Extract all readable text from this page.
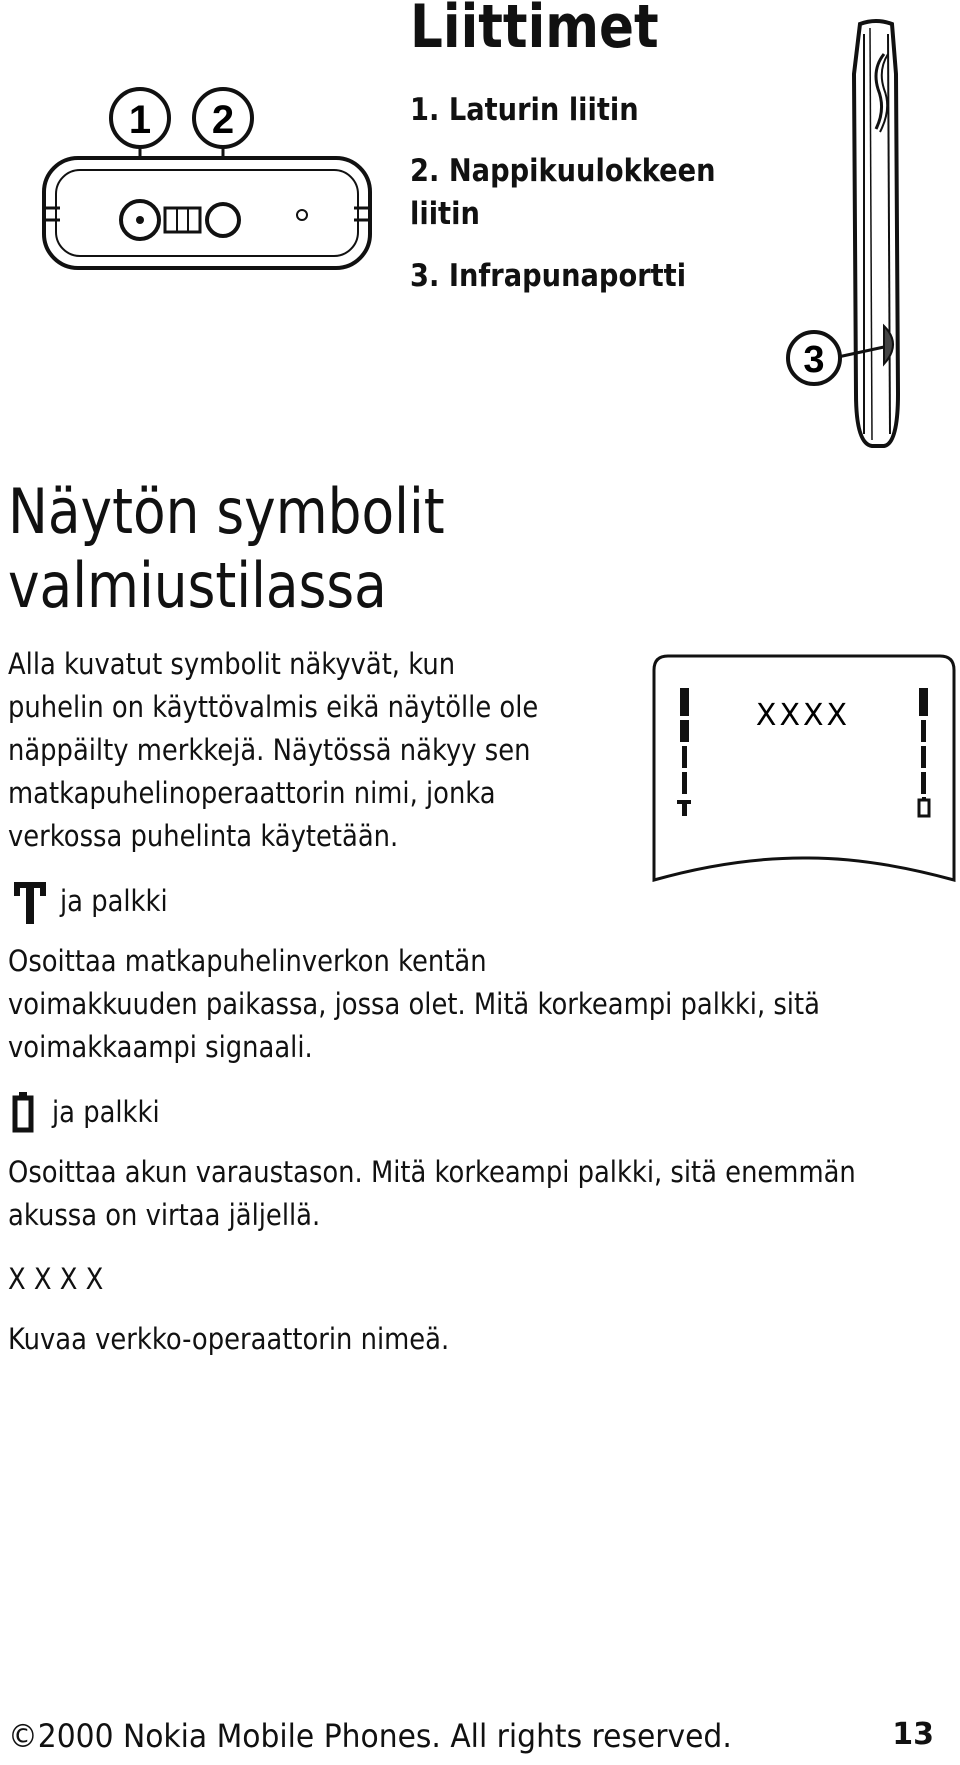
1 2
Liittimet
1. Laturin liitin
2. Nappikuulokkeen
liitin
3. Infrapunaportti
3
Näytön symbolit
valmiustilassa
Alla kuvatut symbolit näkyvät, kun
puhelin on käyttövalmis eikä näytölle ole
näppäilty merkkejä. Näytössä näkyy sen
matkapuhelinoperaattorin nimi, jonka
verkossa puhelinta käytetään.
XXXX
ja palkki
Osoittaa matkapuhelinverkon kentän
voimakkuuden paikassa, jossa olet. Mitä korkeampi palkki, sitä
voimakkaampi signaali.
ja palkki
Osoittaa akun varaustason. Mitä korkeampi palkki, sitä enemmän
akussa on virtaa jäljellä.
X X X X
Kuvaa verkko-operaattorin nimeä.
©2000 Nokia Mobile Phones. All rights reserved.	13
